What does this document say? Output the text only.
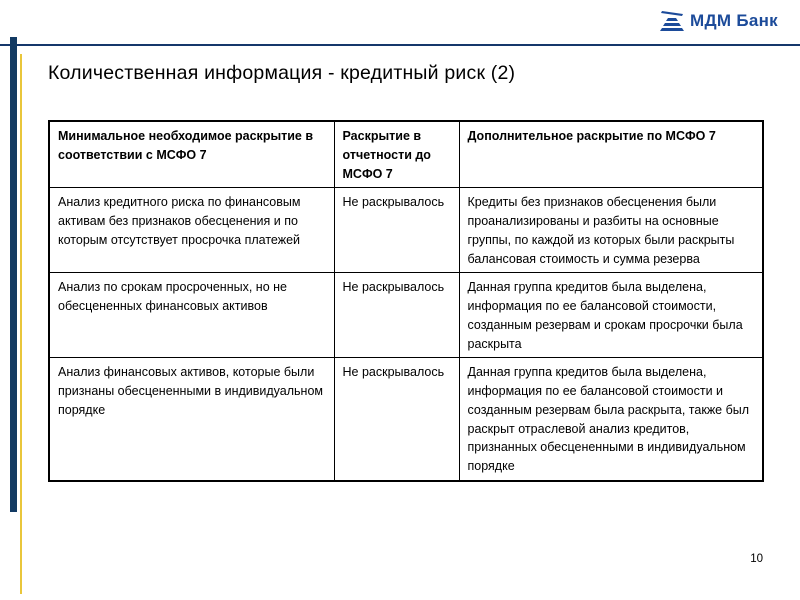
МДМ Банк
Количественная информация - кредитный риск (2)
Минимальное необходимое раскрытие в соответствии с МСФО 7	Раскрытие в отчетности до МСФО 7	Дополнительное раскрытие по МСФО 7
Анализ кредитного риска по финансовым активам без признаков обесценения и по которым отсутствует просрочка платежей	Не раскрывалось	Кредиты без признаков обесценения были проанализированы и разбиты на основные группы, по каждой из которых были раскрыты балансовая стоимость и сумма резерва
Анализ по срокам просроченных, но не обесцененных финансовых активов	Не раскрывалось	Данная группа кредитов была выделена, информация по ее балансовой стоимости, созданным резервам и срокам просрочки была раскрыта
Анализ финансовых активов, которые были признаны обесцененными в индивидуальном порядке	Не раскрывалось	Данная группа кредитов была выделена, информация по ее балансовой стоимости и созданным резервам была раскрыта, также был раскрыт отраслевой анализ кредитов, признанных обесцененными в индивидуальном порядке
10
